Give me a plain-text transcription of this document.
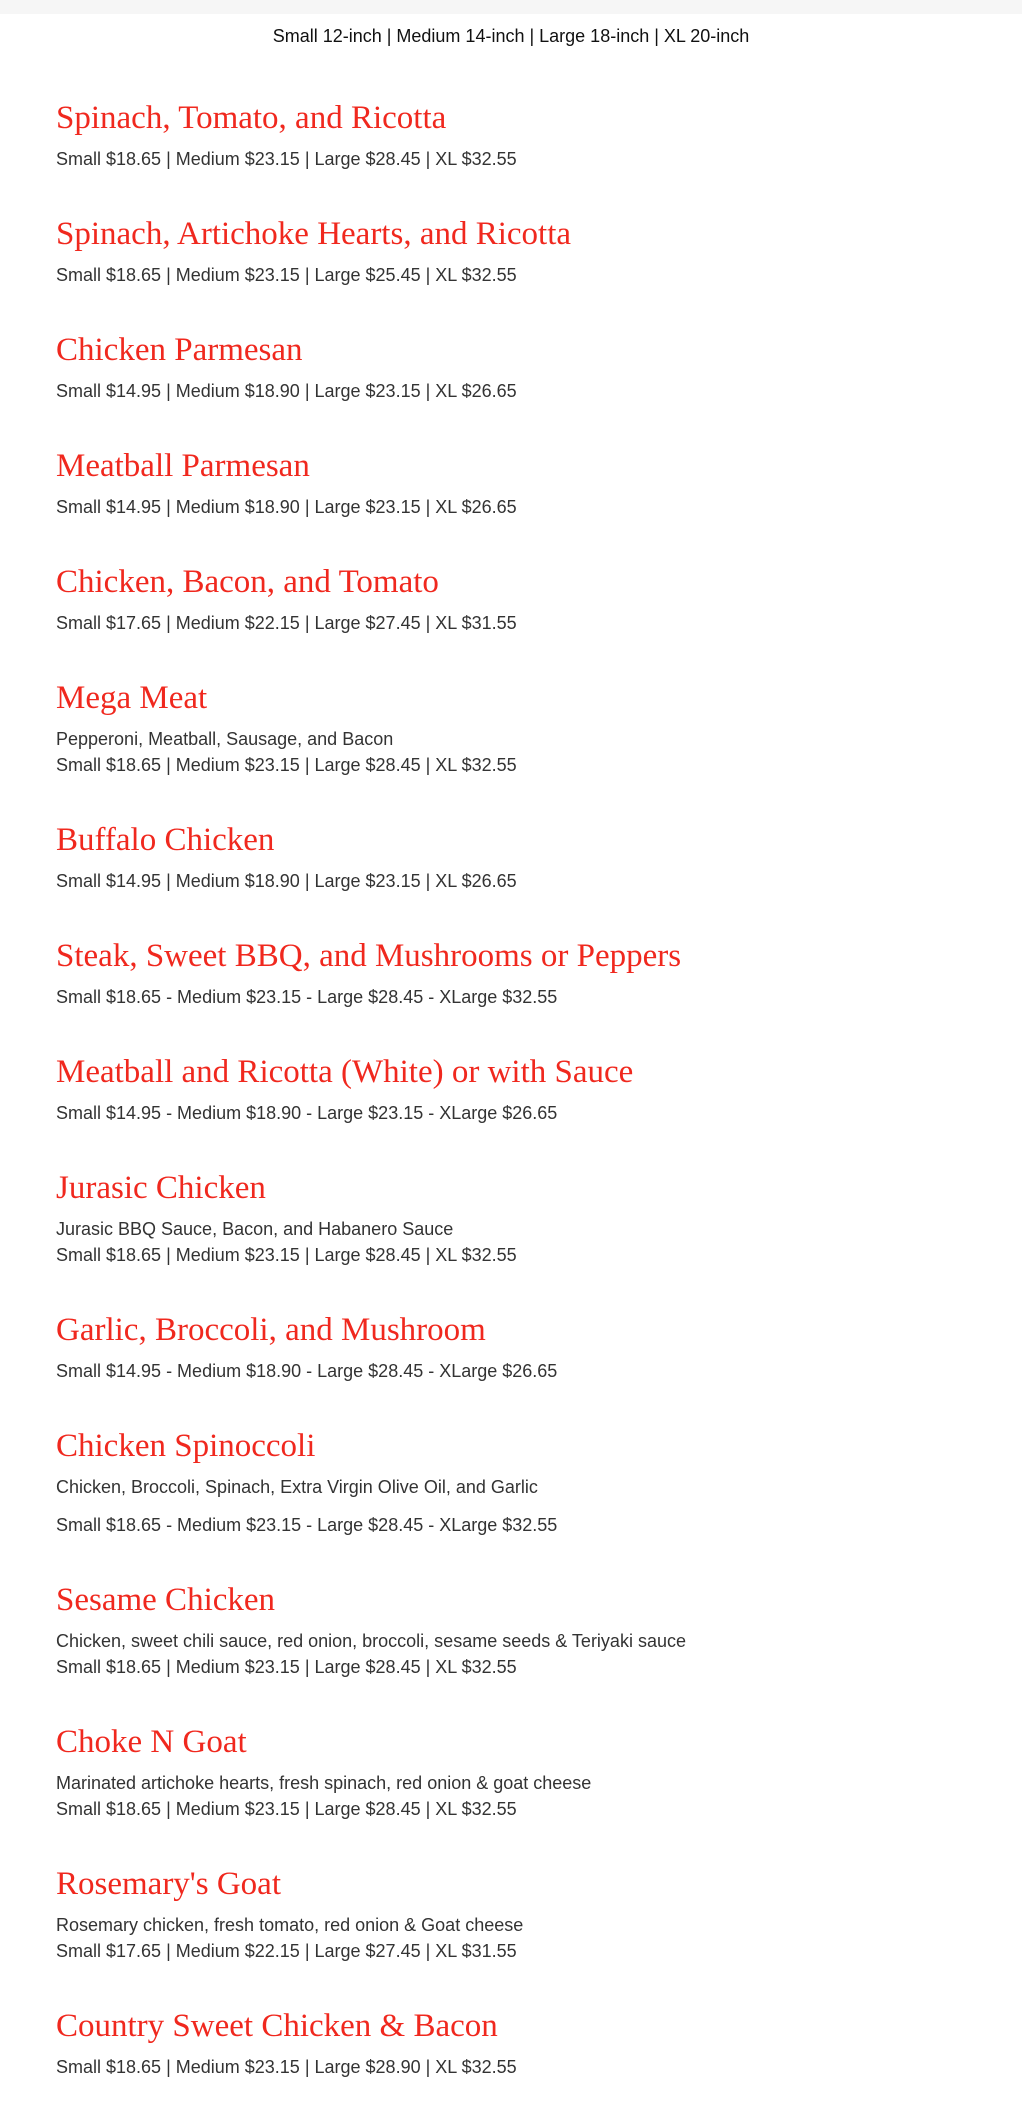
Small 12-inch | Medium 14-inch | Large 18-inch | XL 20-inch
Spinach, Tomato, and Ricotta
Small $18.65 | Medium $23.15 | Large $28.45 | XL $32.55
Spinach, Artichoke Hearts, and Ricotta
Small $18.65 | Medium $23.15 | Large $25.45 | XL $32.55
Chicken Parmesan
Small $14.95 | Medium $18.90 | Large $23.15 | XL $26.65
Meatball Parmesan
Small $14.95 | Medium $18.90 | Large $23.15 | XL $26.65
Chicken, Bacon, and Tomato
Small $17.65 | Medium $22.15 | Large $27.45 | XL $31.55
Mega Meat
Pepperoni, Meatball, Sausage, and Bacon
Small $18.65 | Medium $23.15 | Large $28.45 | XL $32.55
Buffalo Chicken
Small $14.95 | Medium $18.90 | Large $23.15 | XL $26.65
Steak, Sweet BBQ, and Mushrooms or Peppers
Small $18.65 - Medium $23.15 - Large $28.45 - XLarge $32.55
Meatball and Ricotta (White) or with Sauce
Small $14.95 - Medium $18.90 - Large $23.15 - XLarge $26.65
Jurasic Chicken
Jurasic BBQ Sauce, Bacon, and Habanero Sauce
Small $18.65 | Medium $23.15 | Large $28.45 | XL $32.55
Garlic, Broccoli, and Mushroom
Small $14.95 - Medium $18.90 - Large $28.45 - XLarge $26.65
Chicken Spinoccoli
Chicken, Broccoli, Spinach, Extra Virgin Olive Oil, and Garlic
Small $18.65 - Medium $23.15 - Large $28.45 - XLarge $32.55
Sesame Chicken
Chicken, sweet chili sauce, red onion, broccoli, sesame seeds & Teriyaki sauce
Small $18.65 | Medium $23.15 | Large $28.45 | XL $32.55
Choke N Goat
Marinated artichoke hearts, fresh spinach, red onion & goat cheese
Small $18.65 | Medium $23.15 | Large $28.45 | XL $32.55
Rosemary's Goat
Rosemary chicken, fresh tomato, red onion & Goat cheese
Small $17.65 | Medium $22.15 | Large $27.45 | XL $31.55
Country Sweet Chicken & Bacon
Small $18.65 | Medium $23.15 | Large $28.90 | XL $32.55
